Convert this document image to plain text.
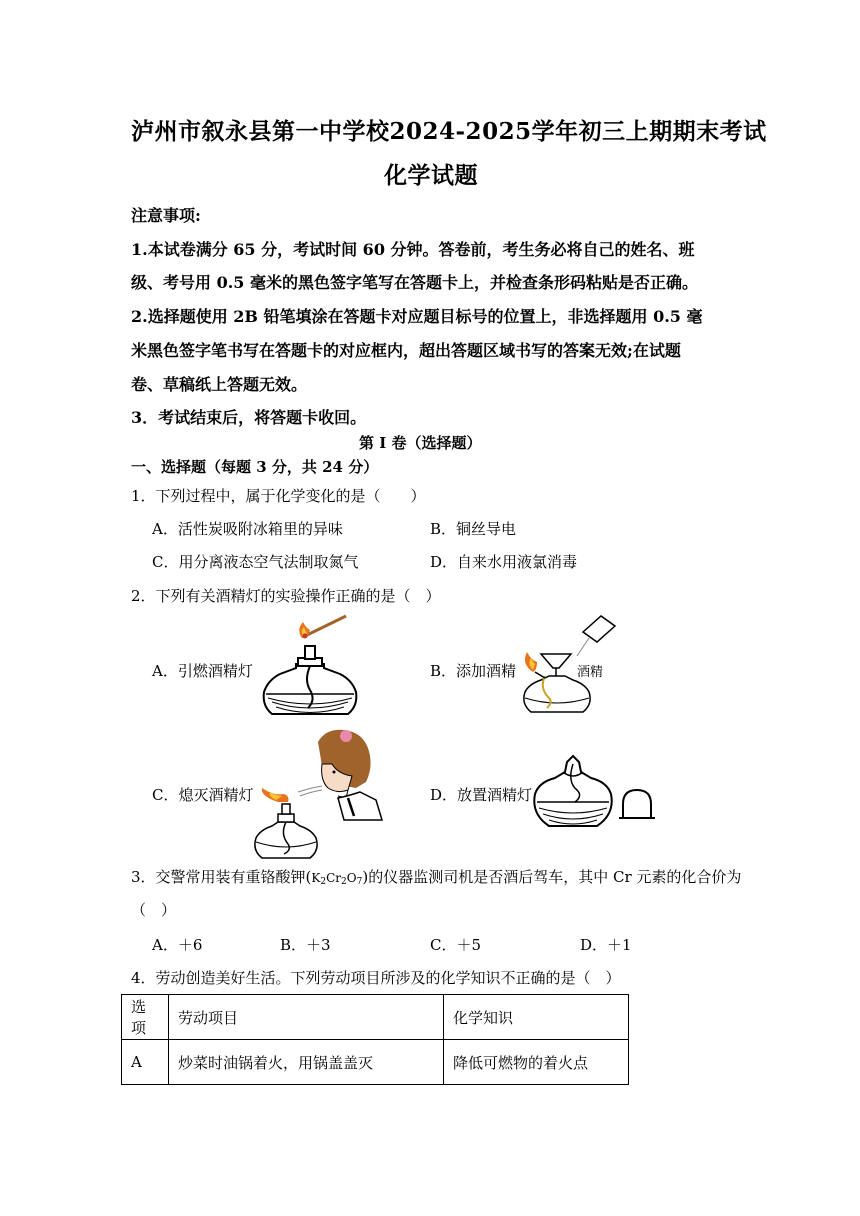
泸州市叙永县第一中学校2024-2025学年初三上期期末考试
化学试题
注意事项:
1.本试卷满分 65 分，考试时间 60 分钟。答卷前，考生务必将自己的姓名、班
级、考号用 0.5 毫米的黑色签字笔写在答题卡上，并检查条形码粘贴是否正确。
2.选择题使用 2B 铅笔填涂在答题卡对应题目标号的位置上，非选择题用 0.5 毫
米黑色签字笔书写在答题卡的对应框内，超出答题区域书写的答案无效;在试题
卷、草稿纸上答题无效。
3．考试结束后，将答题卡收回。
第 I 卷（选择题）
一、选择题（每题 3 分，共 24 分）
1．下列过程中，属于化学变化的是（　　）
A．活性炭吸附冰箱里的异味	B．铜丝导电
C．用分离液态空气法制取氮气	D．自来水用液氯消毒
2．下列有关酒精灯的实验操作正确的是（　）
A．引燃酒精灯	B．添加酒精
C．熄灭酒精灯	D．放置酒精灯
酒精
3．交警常用装有重铬酸钾$(K_2Cr_2O_7)$的仪器监测司机是否酒后驾车，其中 Cr 元素的化合价为
（　）
A．＋6	B．＋3	C．＋5	D．＋1
4．劳动创造美好生活。下列劳动项目所涉及的化学知识不正确的是（　）
选项	劳动项目	化学知识
A	炒菜时油锅着火，用锅盖盖灭	降低可燃物的着火点
